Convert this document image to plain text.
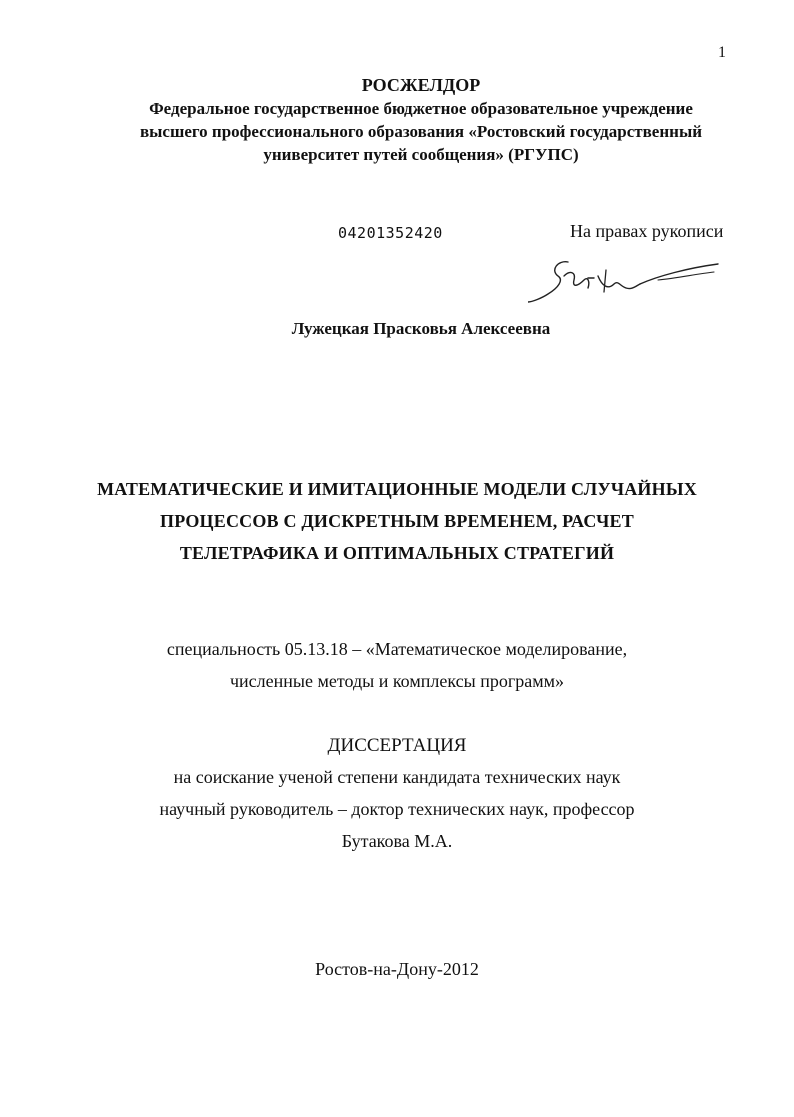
1
РОСЖЕЛДОР
Федеральное государственное бюджетное образовательное учреждение
высшего профессионального образования «Ростовский государственный
университет путей сообщения» (РГУПС)
04201352420	На правах рукописи
Лужецкая Прасковья Алексеевна
МАТЕМАТИЧЕСКИЕ И ИМИТАЦИОННЫЕ МОДЕЛИ СЛУЧАЙНЫХ
ПРОЦЕССОВ С ДИСКРЕТНЫМ ВРЕМЕНЕМ, РАСЧЕТ
ТЕЛЕТРАФИКА И ОПТИМАЛЬНЫХ СТРАТЕГИЙ
специальность 05.13.18 – «Математическое моделирование,
численные методы и комплексы программ»
ДИССЕРТАЦИЯ
на соискание ученой степени кандидата технических наук
научный руководитель – доктор технических наук, профессор
Бутакова М.А.
Ростов-на-Дону-2012
